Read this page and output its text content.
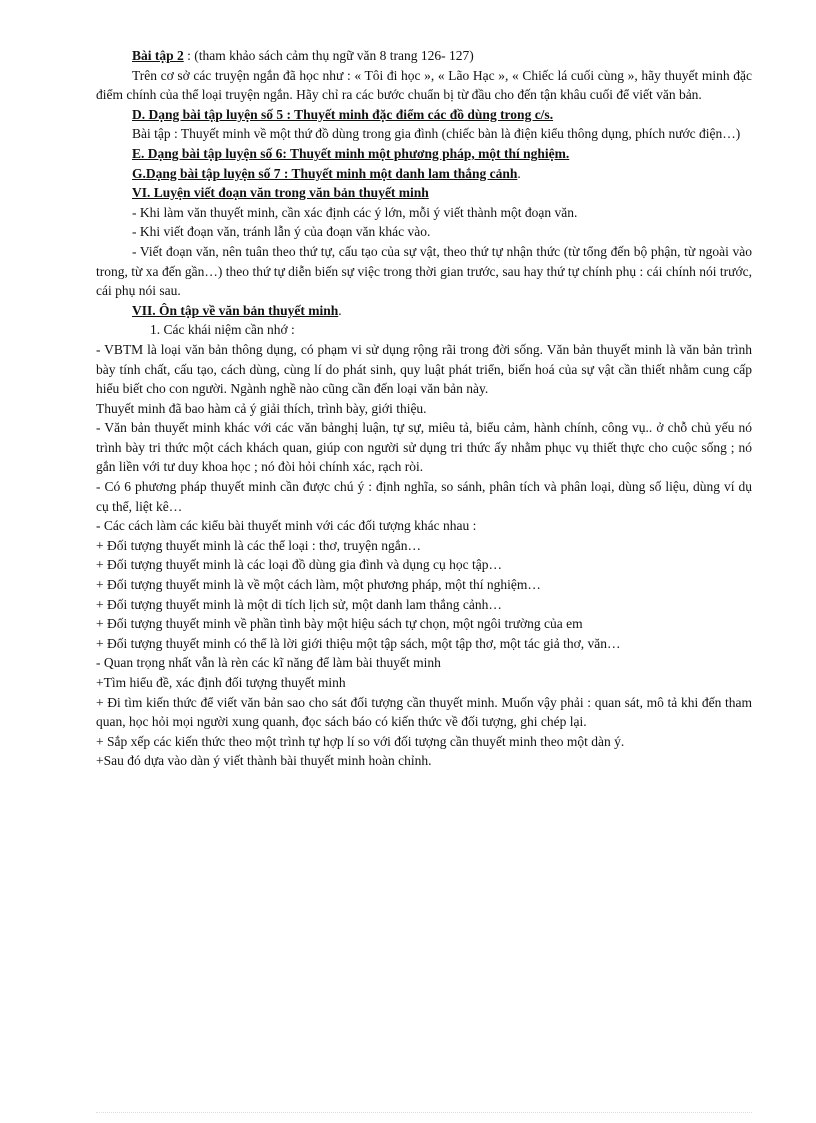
Bài tập 2 : (tham khảo sách cảm thụ ngữ văn 8 trang 126- 127)

Trên cơ sở các truyện ngắn đã học như : « Tôi đi học », « Lão Hạc », « Chiếc lá cuối cùng », hãy thuyết minh đặc điểm chính của thể loại truyện ngắn. Hãy chỉ ra các bước chuẩn bị từ đầu cho đến tận khâu cuối để viết văn bản.

D. Dạng bài tập luyện số 5 : Thuyết minh đặc điểm các đồ dùng trong c/s.

Bài tập : Thuyết minh về một thứ đồ dùng trong gia đình (chiếc bàn là điện kiểu thông dụng, phích nước điện…)

E. Dạng bài tập luyện số 6: Thuyết minh một phương pháp, một thí nghiệm.

G.Dạng bài tập luyện số 7 : Thuyết minh một danh lam thắng cảnh.

VI. Luyện viết đoạn văn trong văn bản thuyết minh

- Khi làm văn thuyết minh, cần xác định các ý lớn, mỗi ý viết thành một đoạn văn.

- Khi viết đoạn văn, tránh lẫn ý của đoạn văn khác vào.

- Viết đoạn văn, nên tuân theo thứ tự, cấu tạo của sự vật, theo thứ tự nhận thức (từ tổng đến bộ phận, từ ngoài vào trong, từ xa đến gần…) theo thứ tự diễn biến sự việc trong thời gian trước, sau hay thứ tự chính phụ : cái chính nói trước, cái phụ nói sau.

VII. Ôn tập về văn bản thuyết minh.

1. Các khái niệm cần nhớ :

- VBTM là loại văn bản thông dụng, có phạm vi sử dụng rộng rãi trong đời sống. Văn bản thuyết minh là văn bản trình bày tính chất, cấu tạo, cách dùng, cùng lí do phát sinh, quy luật phát triển, biến hoá của sự vật cần thiết nhằm cung cấp hiểu biết cho con người. Ngành nghề nào cũng cần đến loại văn bản này.

Thuyết minh đã bao hàm cả ý giải thích, trình bày, giới thiệu.

- Văn bản thuyết minh khác với các văn bảnghị luận, tự sự, miêu tả, biểu cảm, hành chính, công vụ.. ở chỗ chủ yếu nó trình bày tri thức một cách khách quan, giúp con người sử dụng tri thức ấy nhằm phục vụ thiết thực cho cuộc sống ; nó gắn liền với tư duy khoa học ; nó đòi hỏi chính xác, rạch ròi.

- Có 6 phương pháp thuyết minh cần được chú ý : định nghĩa, so sánh, phân tích và phân loại, dùng số liệu, dùng ví dụ cụ thể, liệt kê…

- Các cách làm các kiểu bài thuyết minh với các đối tượng khác nhau :

+ Đối tượng thuyết minh là các thể loại : thơ, truyện ngắn…

+ Đối tượng thuyết minh là các loại đồ dùng gia đình và dụng cụ học tập…

+ Đối tượng thuyết minh là về một cách làm, một phương pháp, một thí nghiệm…

+ Đối tượng thuyết minh là một di tích lịch sử, một danh lam thắng cảnh…

+ Đối tượng thuyết minh về phần tình bày một hiệu sách tự chọn, một ngôi trường của em

+ Đối tượng thuyết minh có thể là lời giới thiệu một tập sách, một tập thơ, một tác giả thơ, văn…

- Quan trọng nhất vẫn là rèn các kĩ năng để làm bài thuyết minh

+Tìm hiểu đề, xác định đối tượng thuyết minh

+ Đi tìm kiến thức để viết văn bản sao cho sát đối tượng cần thuyết minh. Muốn vậy phải : quan sát, mô tả khi đến tham quan, học hỏi mọi người xung quanh, đọc sách báo có kiến thức về đối tượng, ghi chép lại.

+ Sắp xếp các kiến thức theo một trình tự hợp lí so với đối tượng cần thuyết minh theo một dàn ý.

+Sau đó dựa vào dàn ý viết thành bài thuyết minh hoàn chỉnh.
